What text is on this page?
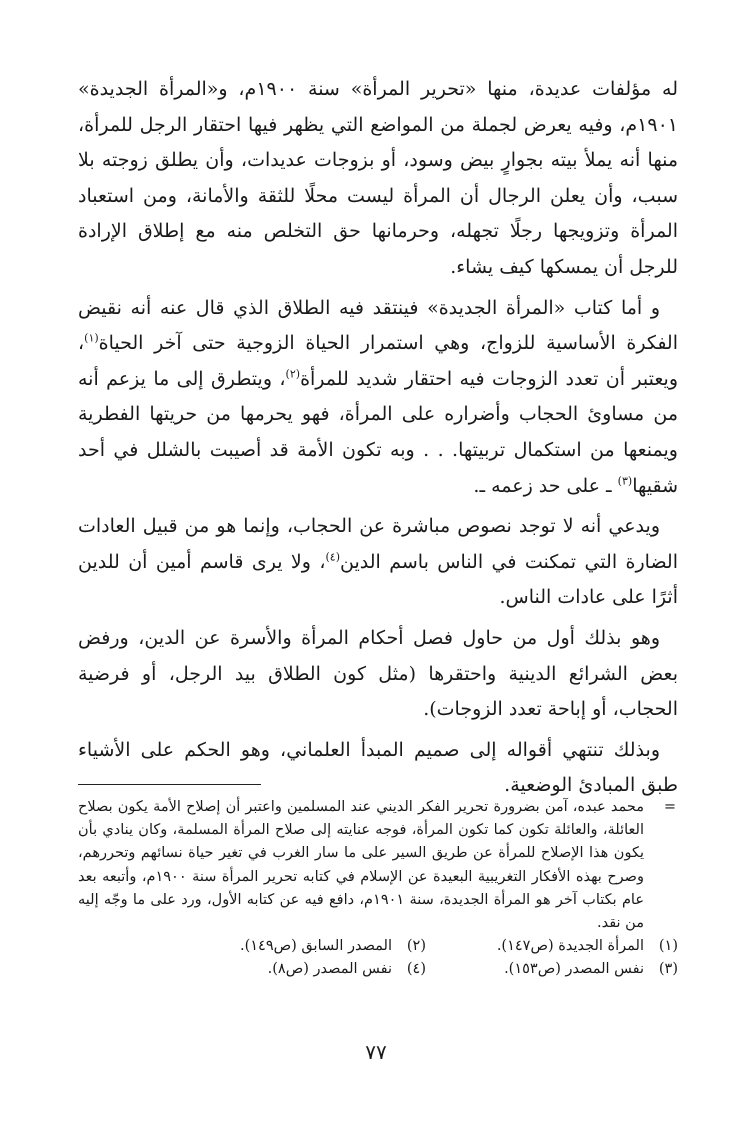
له مؤلفات عديدة، منها «تحرير المرأة» سنة ١٩٠٠م، و«المرأة الجديدة» ١٩٠١م، وفيه يعرض لجملة من المواضع التي يظهر فيها احتقار الرجل للمرأة، منها أنه يملأ بيته بجوارٍ بيض وسود، أو بزوجات عديدات، وأن يطلق زوجته بلا سبب، وأن يعلن الرجال أن المرأة ليست محلًا للثقة والأمانة، ومن استعباد المرأة وتزويجها رجلًا تجهله، وحرمانها حق التخلص منه مع إطلاق الإرادة للرجل أن يمسكها كيف يشاء.

و أما كتاب «المرأة الجديدة» فينتقد فيه الطلاق الذي قال عنه أنه نقيض الفكرة الأساسية للزواج، وهي استمرار الحياة الزوجية حتى آخر الحياة$^{(١)}$، ويعتبر أن تعدد الزوجات فيه احتقار شديد للمرأة$^{(٢)}$، ويتطرق إلى ما يزعم أنه من مساوئ الحجاب وأضراره على المرأة، فهو يحرمها من حريتها الفطرية ويمنعها من استكمال تربيتها. . . وبه تكون الأمة قد أصيبت بالشلل في أحد شقيها$^{(٣)}$ ـ على حد زعمه ـ.

ويدعي أنه لا توجد نصوص مباشرة عن الحجاب، وإنما هو من قبيل العادات الضارة التي تمكنت في الناس باسم الدين$^{(٤)}$، ولا يرى قاسم أمين أن للدين أثرًا على عادات الناس.

وهو بذلك أول من حاول فصل أحكام المرأة والأسرة عن الدين، ورفض بعض الشرائع الدينية واحتقرها (مثل كون الطلاق بيد الرجل، أو فرضية الحجاب، أو إباحة تعدد الزوجات).

وبذلك تنتهي أقواله إلى صميم المبدأ العلماني، وهو الحكم على الأشياء طبق المبادئ الوضعية.

=
محمد عبده، آمن بضرورة تحرير الفكر الديني عند المسلمين واعتبر أن إصلاح الأمة يكون بصلاح العائلة، والعائلة تكون كما تكون المرأة، فوجه عنايته إلى صلاح المرأة المسلمة، وكان ينادي بأن يكون هذا الإصلاح للمرأة عن طريق السير على ما سار الغرب في تغير حياة نسائهم وتحررهم، وصرح بهذه الأفكار التغريبية البعيدة عن الإسلام في كتابه تحرير المرأة سنة ١٩٠٠م، وأتبعه بعد عام بكتاب آخر هو المرأة الجديدة، سنة ١٩٠١م، دافع فيه عن كتابه الأول، ورد على ما وجّه إليه من نقد.
(١)
المرأة الجديدة (ص١٤٧).
(٢)
المصدر السابق (ص١٤٩).
(٣)
نفس المصدر (ص١٥٣).
(٤)
نفس المصدر (ص٨).
٧٧
